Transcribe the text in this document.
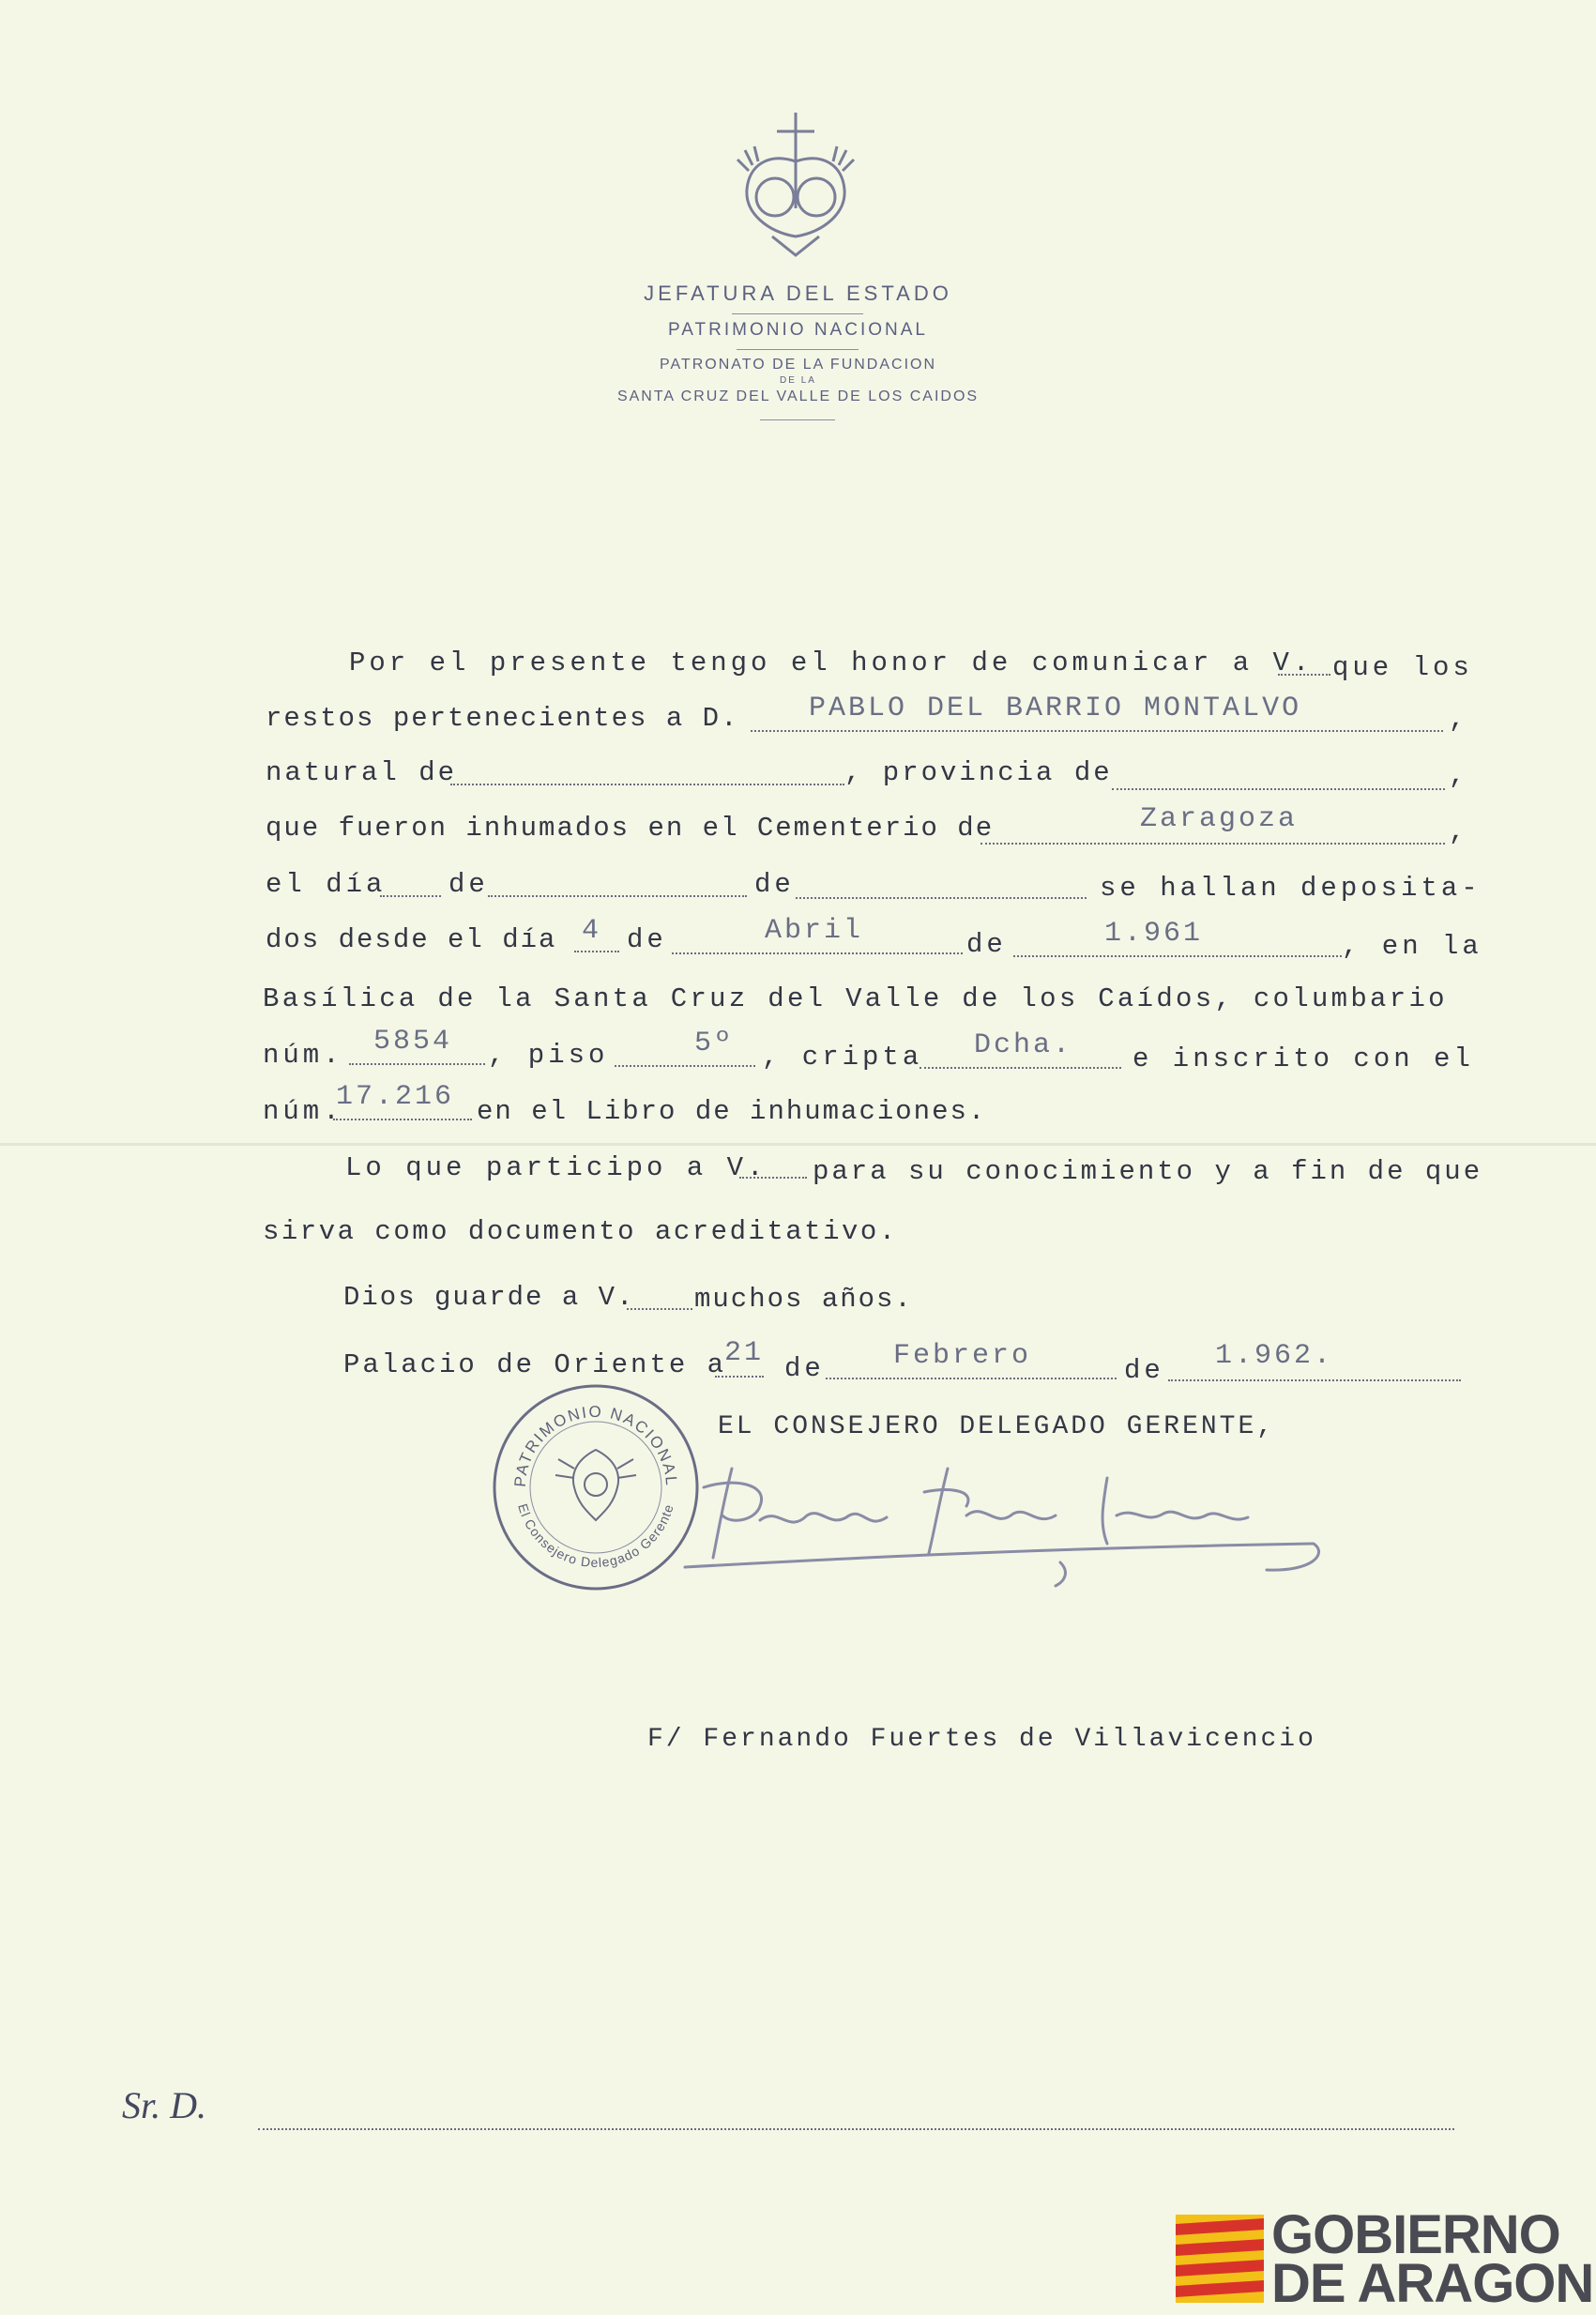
JEFATURA DEL ESTADO
PATRIMONIO NACIONAL
PATRONATO DE LA FUNDACION
DE LA
SANTA CRUZ DEL VALLE DE LOS CAIDOS
Por el presente tengo el honor de comunicar a V. que los
restos pertenecientes a D. PABLO DEL BARRIO MONTALVO	,
natural de	, provincia de	,
que fueron inhumados en el Cementerio de	Zaragoza	,
el día de	de	se hallan deposita-
dos desde el día 4 de	Abril	de	1.961	, en la
Basílica de la Santa Cruz del Valle de los Caídos, columbario
núm. 5854 , piso	5º , cripta Dcha. e inscrito con el
núm.
17.216 en el Libro de inhumaciones.
Lo que participo a V. para su conocimiento y a fin de que
sirva como documento acreditativo.
Dios guarde a V. muchos años.
Palacio de Oriente a
21 de Febrero	de 1.962.
EL CONSEJERO DELEGADO GERENTE,
PATRIMONIO NACIONAL
El Consejero Delegado Gerente
F/ Fernando Fuertes de Villavicencio
Sr. D.
GOBIERNO
DE ARAGON
